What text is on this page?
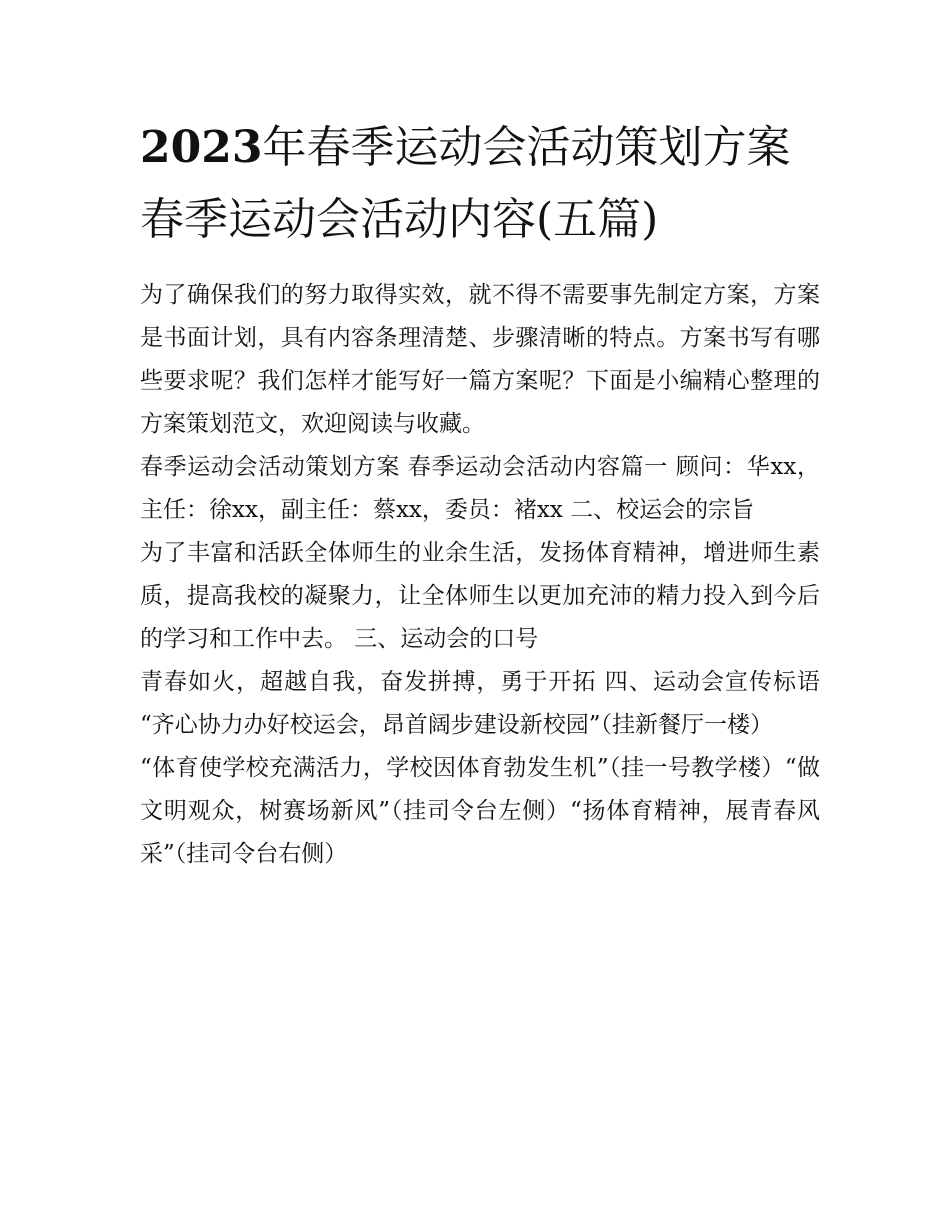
2023年春季运动会活动策划方案 春季运动会活动内容(五篇)

为了确保我们的努力取得实效，就不得不需要事先制定方案，方案是书面计划，具有内容条理清楚、步骤清晰的特点。方案书写有哪些要求呢？我们怎样才能写好一篇方案呢？下面是小编精心整理的方案策划范文，欢迎阅读与收藏。

春季运动会活动策划方案 春季运动会活动内容篇一 顾问：华xx，主任：徐xx，副主任：蔡xx，委员：褚xx 二、校运会的宗旨

为了丰富和活跃全体师生的业余生活，发扬体育精神，增进师生素质，提高我校的凝聚力，让全体师生以更加充沛的精力投入到今后的学习和工作中去。 三、运动会的口号

青春如火，超越自我，奋发拼搏，勇于开拓 四、运动会宣传标语 “齐心协力办好校运会，昂首阔步建设新校园”（挂新餐厅一楼）

“体育使学校充满活力，学校因体育勃发生机”（挂一号教学楼）“做文明观众，树赛场新风”（挂司令台左侧）“扬体育精神，展青春风采”（挂司令台右侧）
